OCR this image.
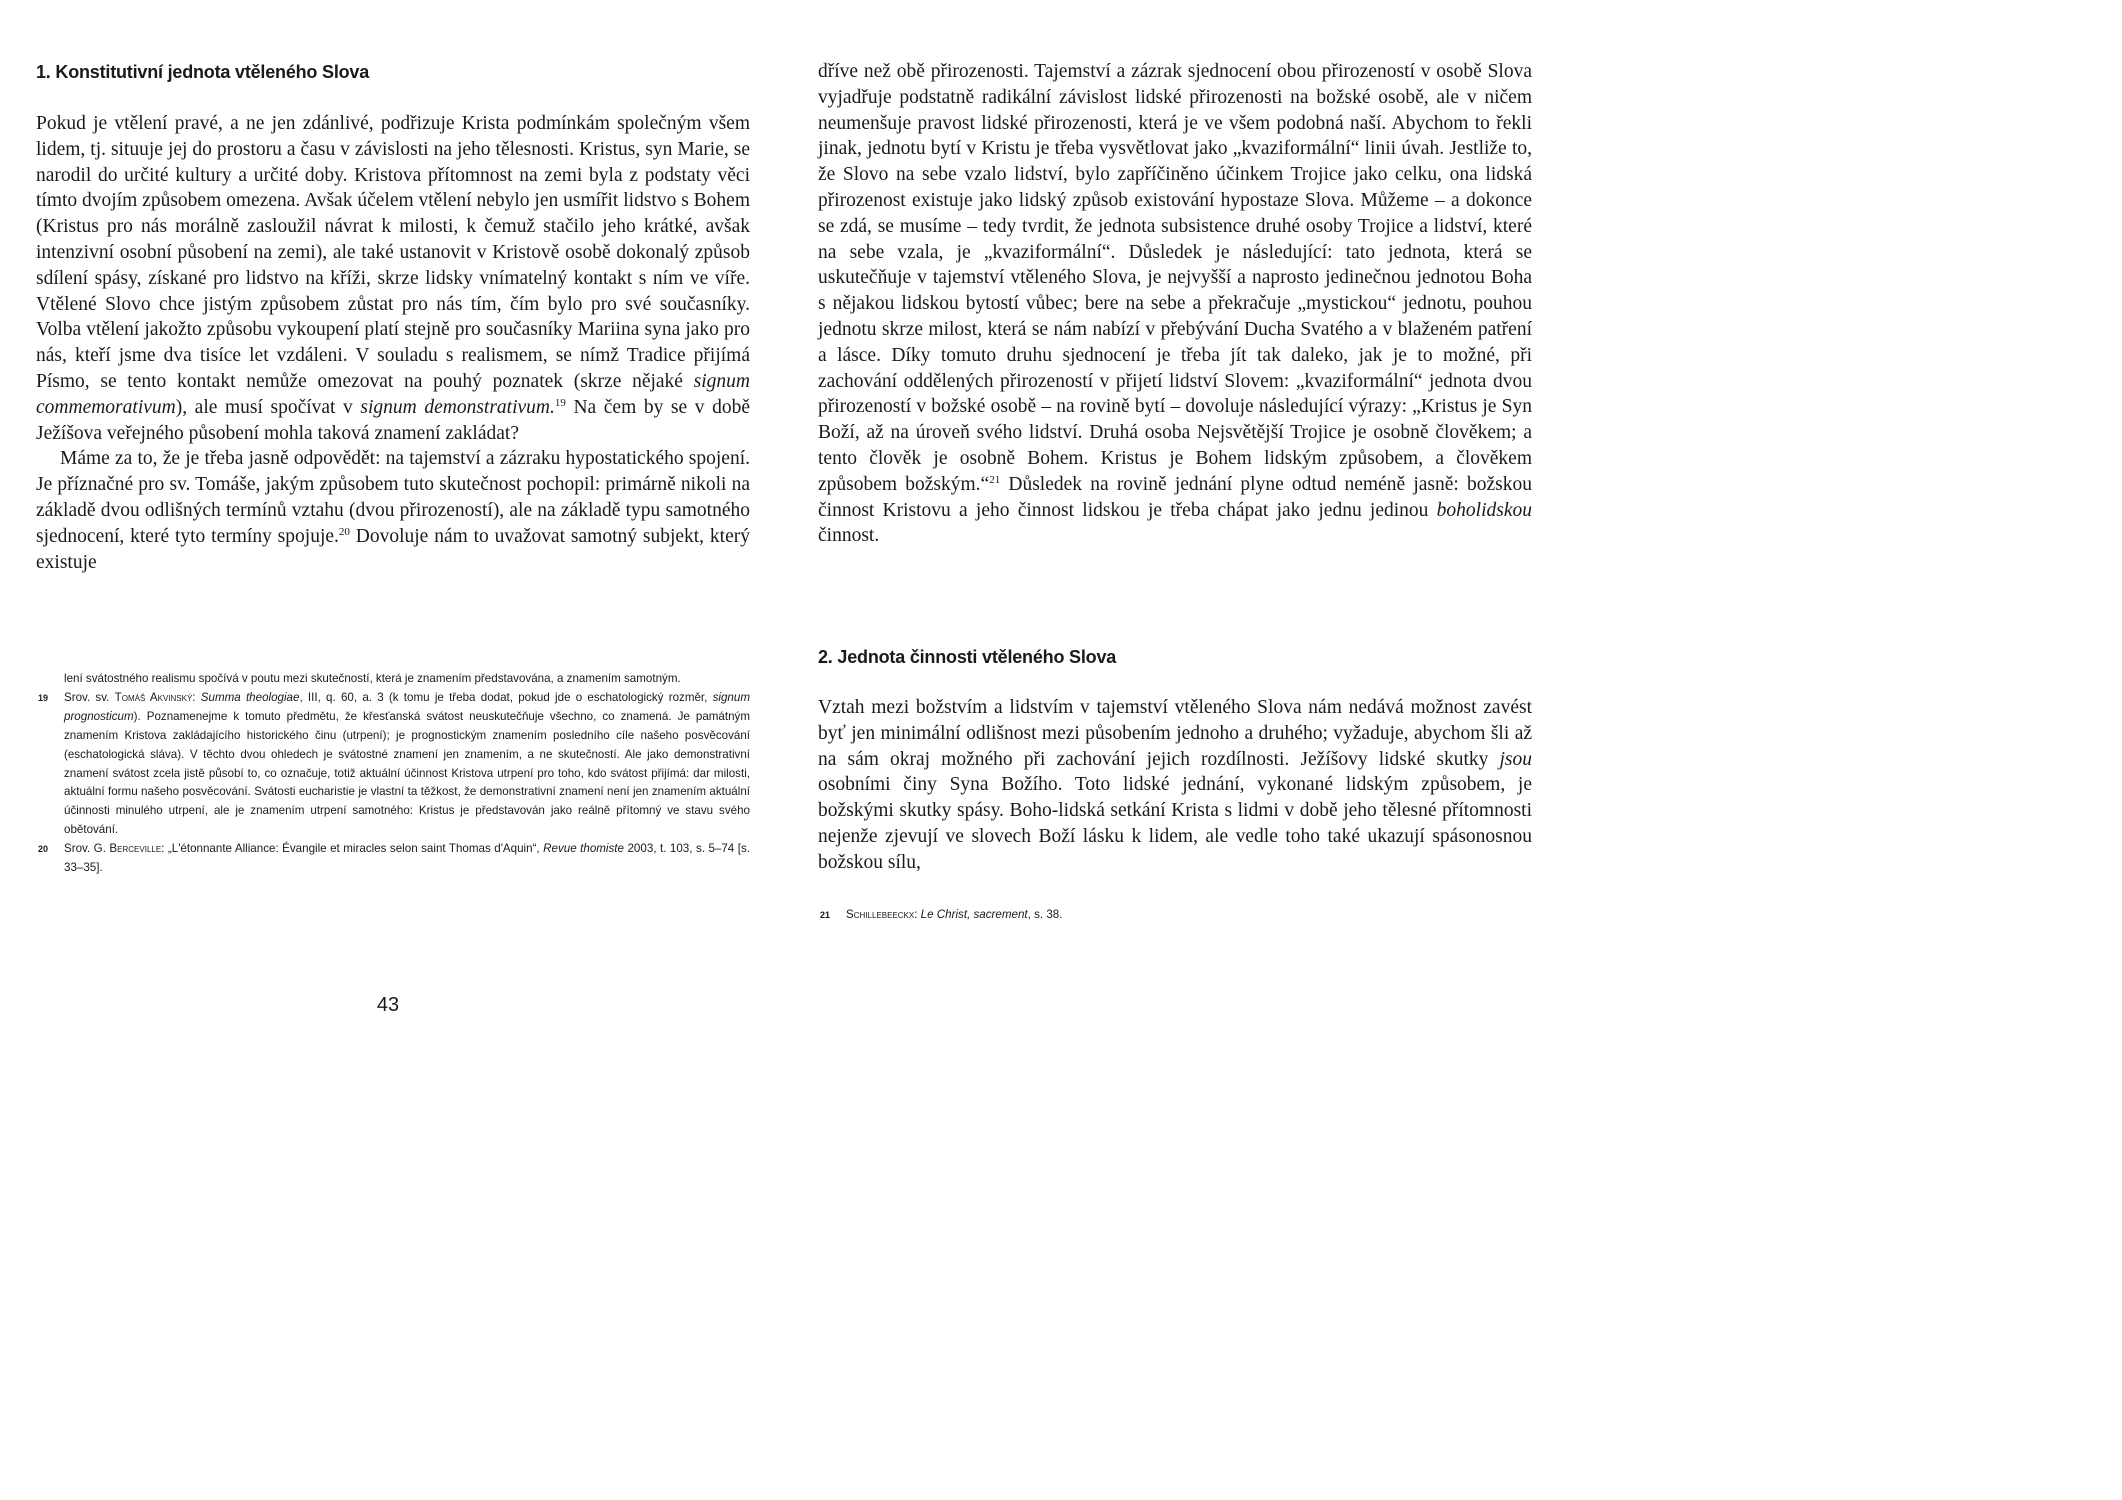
1. Konstitutivní jednota vtěleného Slova

Pokud je vtělení pravé, a ne jen zdánlivé, podřizuje Krista podmínkám společným všem lidem, tj. situuje jej do prostoru a času v závislosti na jeho tělesnosti. Kristus, syn Marie, se narodil do určité kultury a určité doby. Kristova přítomnost na zemi byla z podstaty věci tímto dvojím způsobem omezena. Avšak účelem vtělení nebylo jen usmířit lidstvo s Bohem (Kristus pro nás morálně zasloužil návrat k milosti, k čemuž stačilo jeho krátké, avšak intenzivní osobní působení na zemi), ale také ustanovit v Kristově osobě dokonalý způsob sdílení spásy, získané pro lidstvo na kříži, skrze lidsky vnímatelný kontakt s ním ve víře. Vtělené Slovo chce jistým způsobem zůstat pro nás tím, čím bylo pro své současníky. Volba vtělení jakožto způsobu vykoupení platí stejně pro současníky Mariina syna jako pro nás, kteří jsme dva tisíce let vzdáleni. V souladu s realismem, se nímž Tradice přijímá Písmo, se tento kontakt nemůže omezovat na pouhý poznatek (skrze nějaké signum commemorativum), ale musí spočívat v signum demonstrativum.$^{19}$ Na čem by se v době Ježíšova veřejného působení mohla taková znamení zakládat?

Máme za to, že je třeba jasně odpovědět: na tajemství a zázraku hypostatického spojení. Je příznačné pro sv. Tomáše, jakým způsobem tuto skutečnost pochopil: primárně nikoli na základě dvou odlišných termínů vztahu (dvou přirozeností), ale na základě typu samotného sjednocení, které tyto termíny spojuje.$^{20}$ Dovoluje nám to uvažovat samotný subjekt, který existuje

lení svátostného realismu spočívá v poutu mezi skutečností, která je znamením představována, a znamením samotným.

19 Srov. sv. Tomáš Akvinský: Summa theologiae, III, q. 60, a. 3 (k tomu je třeba dodat, pokud jde o eschatologický rozměr, signum prognosticum). Poznamenejme k tomuto předmětu, že křesťanská svátost neuskutečňuje všechno, co znamená. Je památným znamením Kristova zakládajícího historického činu (utrpení); je prognostickým znamením posledního cíle našeho posvěcování (eschatologická sláva). V těchto dvou ohledech je svátostné znamení jen znamením, a ne skutečností. Ale jako demonstrativní znamení svátost zcela jistě působí to, co označuje, totiž aktuální účinnost Kristova utrpení pro toho, kdo svátost přijímá: dar milosti, aktuální formu našeho posvěcování. Svátosti eucharistie je vlastní ta těžkost, že demonstrativní znamení není jen znamením aktuální účinnosti minulého utrpení, ale je znamením utrpení samotného: Kristus je představován jako reálně přítomný ve stavu svého obětování.

20 Srov. G. Berceville: „L'étonnante Alliance: Évangile et miracles selon saint Thomas d'Aquin“, Revue thomiste 2003, t. 103, s. 5–74 [s. 33–35].

43

dříve než obě přirozenosti. Tajemství a zázrak sjednocení obou přirozeností v osobě Slova vyjadřuje podstatně radikální závislost lidské přirozenosti na božské osobě, ale v ničem neumenšuje pravost lidské přirozenosti, která je ve všem podobná naší. Abychom to řekli jinak, jednotu bytí v Kristu je třeba vysvětlovat jako „kvaziformální“ linii úvah. Jestliže to, že Slovo na sebe vzalo lidství, bylo zapříčiněno účinkem Trojice jako celku, ona lidská přirozenost existuje jako lidský způsob existování hypostaze Slova. Můžeme – a dokonce se zdá, se musíme – tedy tvrdit, že jednota subsistence druhé osoby Trojice a lidství, které na sebe vzala, je „kvaziformální“. Důsledek je následující: tato jednota, která se uskutečňuje v tajemství vtěleného Slova, je nejvyšší a naprosto jedinečnou jednotou Boha s nějakou lidskou bytostí vůbec; bere na sebe a překračuje „mystickou“ jednotu, pouhou jednotu skrze milost, která se nám nabízí v přebývání Ducha Svatého a v blaženém patření a lásce. Díky tomuto druhu sjednocení je třeba jít tak daleko, jak je to možné, při zachování oddělených přirozeností v přijetí lidství Slovem: „kvaziformální“ jednota dvou přirozeností v božské osobě – na rovině bytí – dovoluje následující výrazy: „Kristus je Syn Boží, až na úroveň svého lidství. Druhá osoba Nejsvětější Trojice je osobně člověkem; a tento člověk je osobně Bohem. Kristus je Bohem lidským způsobem, a člověkem způsobem božským.“$^{21}$ Důsledek na rovině jednání plyne odtud neméně jasně: božskou činnost Kristovu a jeho činnost lidskou je třeba chápat jako jednu jedinou boholidskou činnost.

2. Jednota činnosti vtěleného Slova

Vztah mezi božstvím a lidstvím v tajemství vtěleného Slova nám nedává možnost zavést byť jen minimální odlišnost mezi působením jednoho a druhého; vyžaduje, abychom šli až na sám okraj možného při zachování jejich rozdílnosti. Ježíšovy lidské skutky jsou osobními činy Syna Božího. Toto lidské jednání, vykonané lidským způsobem, je božskými skutky spásy. Boho-lidská setkání Krista s lidmi v době jeho tělesné přítomnosti nejenže zjevují ve slovech Boží lásku k lidem, ale vedle toho také ukazují spásonosnou božskou sílu,

21 Schillebeeckx: Le Christ, sacrement, s. 38.
